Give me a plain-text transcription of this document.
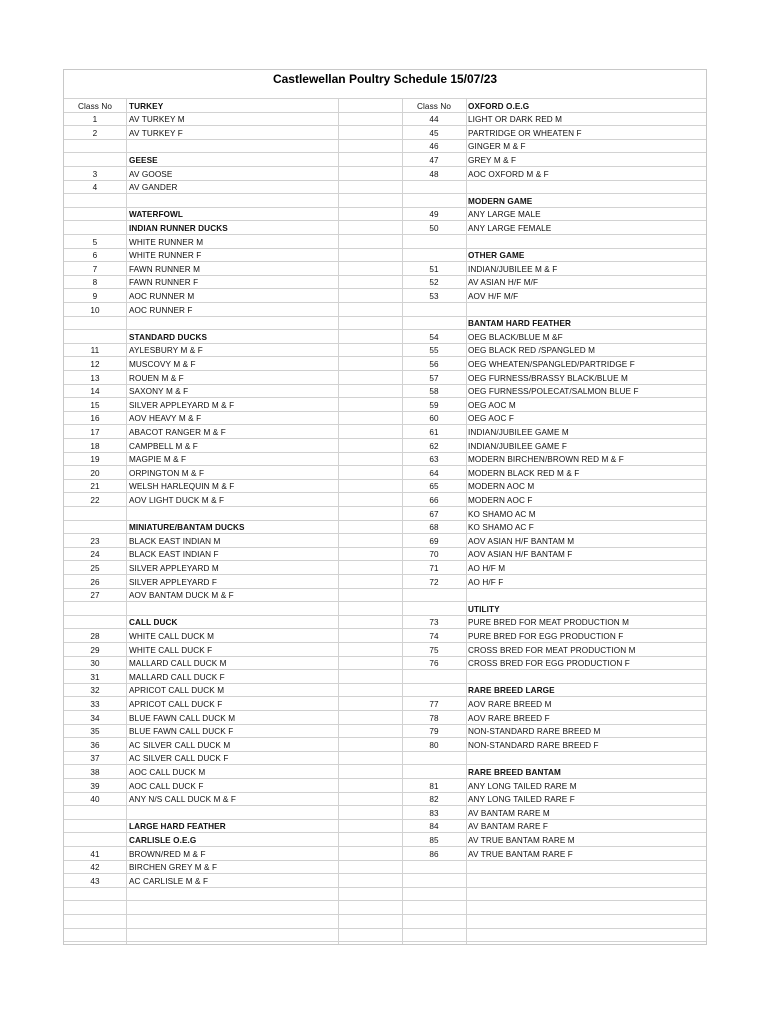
Castlewellan Poultry Schedule 15/07/23
Class No	TURKEY
1	AV TURKEY M
2	AV TURKEY F
GEESE
3	AV GOOSE
4	AV GANDER
WATERFOWL
INDIAN RUNNER DUCKS
5	WHITE RUNNER M
6	WHITE RUNNER F
7	FAWN RUNNER M
8	FAWN RUNNER F
9	AOC RUNNER M
10	AOC RUNNER F
STANDARD DUCKS
11	AYLESBURY M & F
12	MUSCOVY M & F
13	ROUEN M & F
14	SAXONY M & F
15	SILVER APPLEYARD M & F
16	AOV HEAVY M & F
17	ABACOT RANGER M & F
18	CAMPBELL M & F
19	MAGPIE M & F
20	ORPINGTON M & F
21	WELSH HARLEQUIN M & F
22	AOV LIGHT DUCK M & F
MINIATURE/BANTAM DUCKS
23	BLACK EAST INDIAN M
24	BLACK EAST INDIAN F
25	SILVER APPLEYARD M
26	SILVER APPLEYARD F
27	AOV BANTAM DUCK M & F
CALL DUCK
28	WHITE CALL DUCK M
29	WHITE CALL DUCK F
30	MALLARD CALL DUCK M
31	MALLARD CALL DUCK F
32	APRICOT CALL DUCK M
33	APRICOT CALL DUCK F
34	BLUE FAWN CALL DUCK M
35	BLUE FAWN CALL DUCK F
36	AC SILVER CALL DUCK M
37	AC SILVER CALL DUCK F
38	AOC CALL DUCK M
39	AOC CALL DUCK F
40	ANY N/S CALL DUCK M & F
LARGE HARD FEATHER
CARLISLE O.E.G
41	BROWN/RED M & F
42	BIRCHEN GREY M & F
43	AC CARLISLE M & F
Class No	OXFORD O.E.G
44	LIGHT OR DARK RED M
45	PARTRIDGE OR WHEATEN F
46	GINGER M & F
47	GREY M & F
48	AOC OXFORD M & F
MODERN GAME
49	ANY LARGE MALE
50	ANY LARGE FEMALE
OTHER GAME
51	INDIAN/JUBILEE M & F
52	AV ASIAN H/F M/F
53	AOV H/F M/F
BANTAM HARD FEATHER
54	OEG BLACK/BLUE M &F
55	OEG BLACK RED /SPANGLED M
56	OEG WHEATEN/SPANGLED/PARTRIDGE F
57	OEG FURNESS/BRASSY BLACK/BLUE M
58	OEG FURNESS/POLECAT/SALMON BLUE F
59	OEG AOC M
60	OEG AOC F
61	INDIAN/JUBILEE GAME M
62	INDIAN/JUBILEE GAME F
63	MODERN BIRCHEN/BROWN RED M & F
64	MODERN BLACK RED M & F
65	MODERN AOC M
66	MODERN AOC F
67	KO SHAMO AC M
68	KO SHAMO AC F
69	AOV ASIAN H/F BANTAM M
70	AOV ASIAN H/F BANTAM F
71	AO H/F M
72	AO H/F F
UTILITY
73	PURE BRED FOR MEAT PRODUCTION M
74	PURE BRED FOR EGG PRODUCTION F
75	CROSS BRED FOR MEAT PRODUCTION M
76	CROSS BRED FOR EGG PRODUCTION F
RARE BREED LARGE
77	AOV RARE BREED M
78	AOV RARE BREED F
79	NON-STANDARD RARE BREED M
80	NON-STANDARD RARE BREED F
RARE BREED BANTAM
81	ANY LONG TAILED RARE M
82	ANY LONG TAILED RARE F
83	AV BANTAM RARE M
84	AV BANTAM RARE F
85	AV TRUE BANTAM RARE M
86	AV TRUE BANTAM RARE F
